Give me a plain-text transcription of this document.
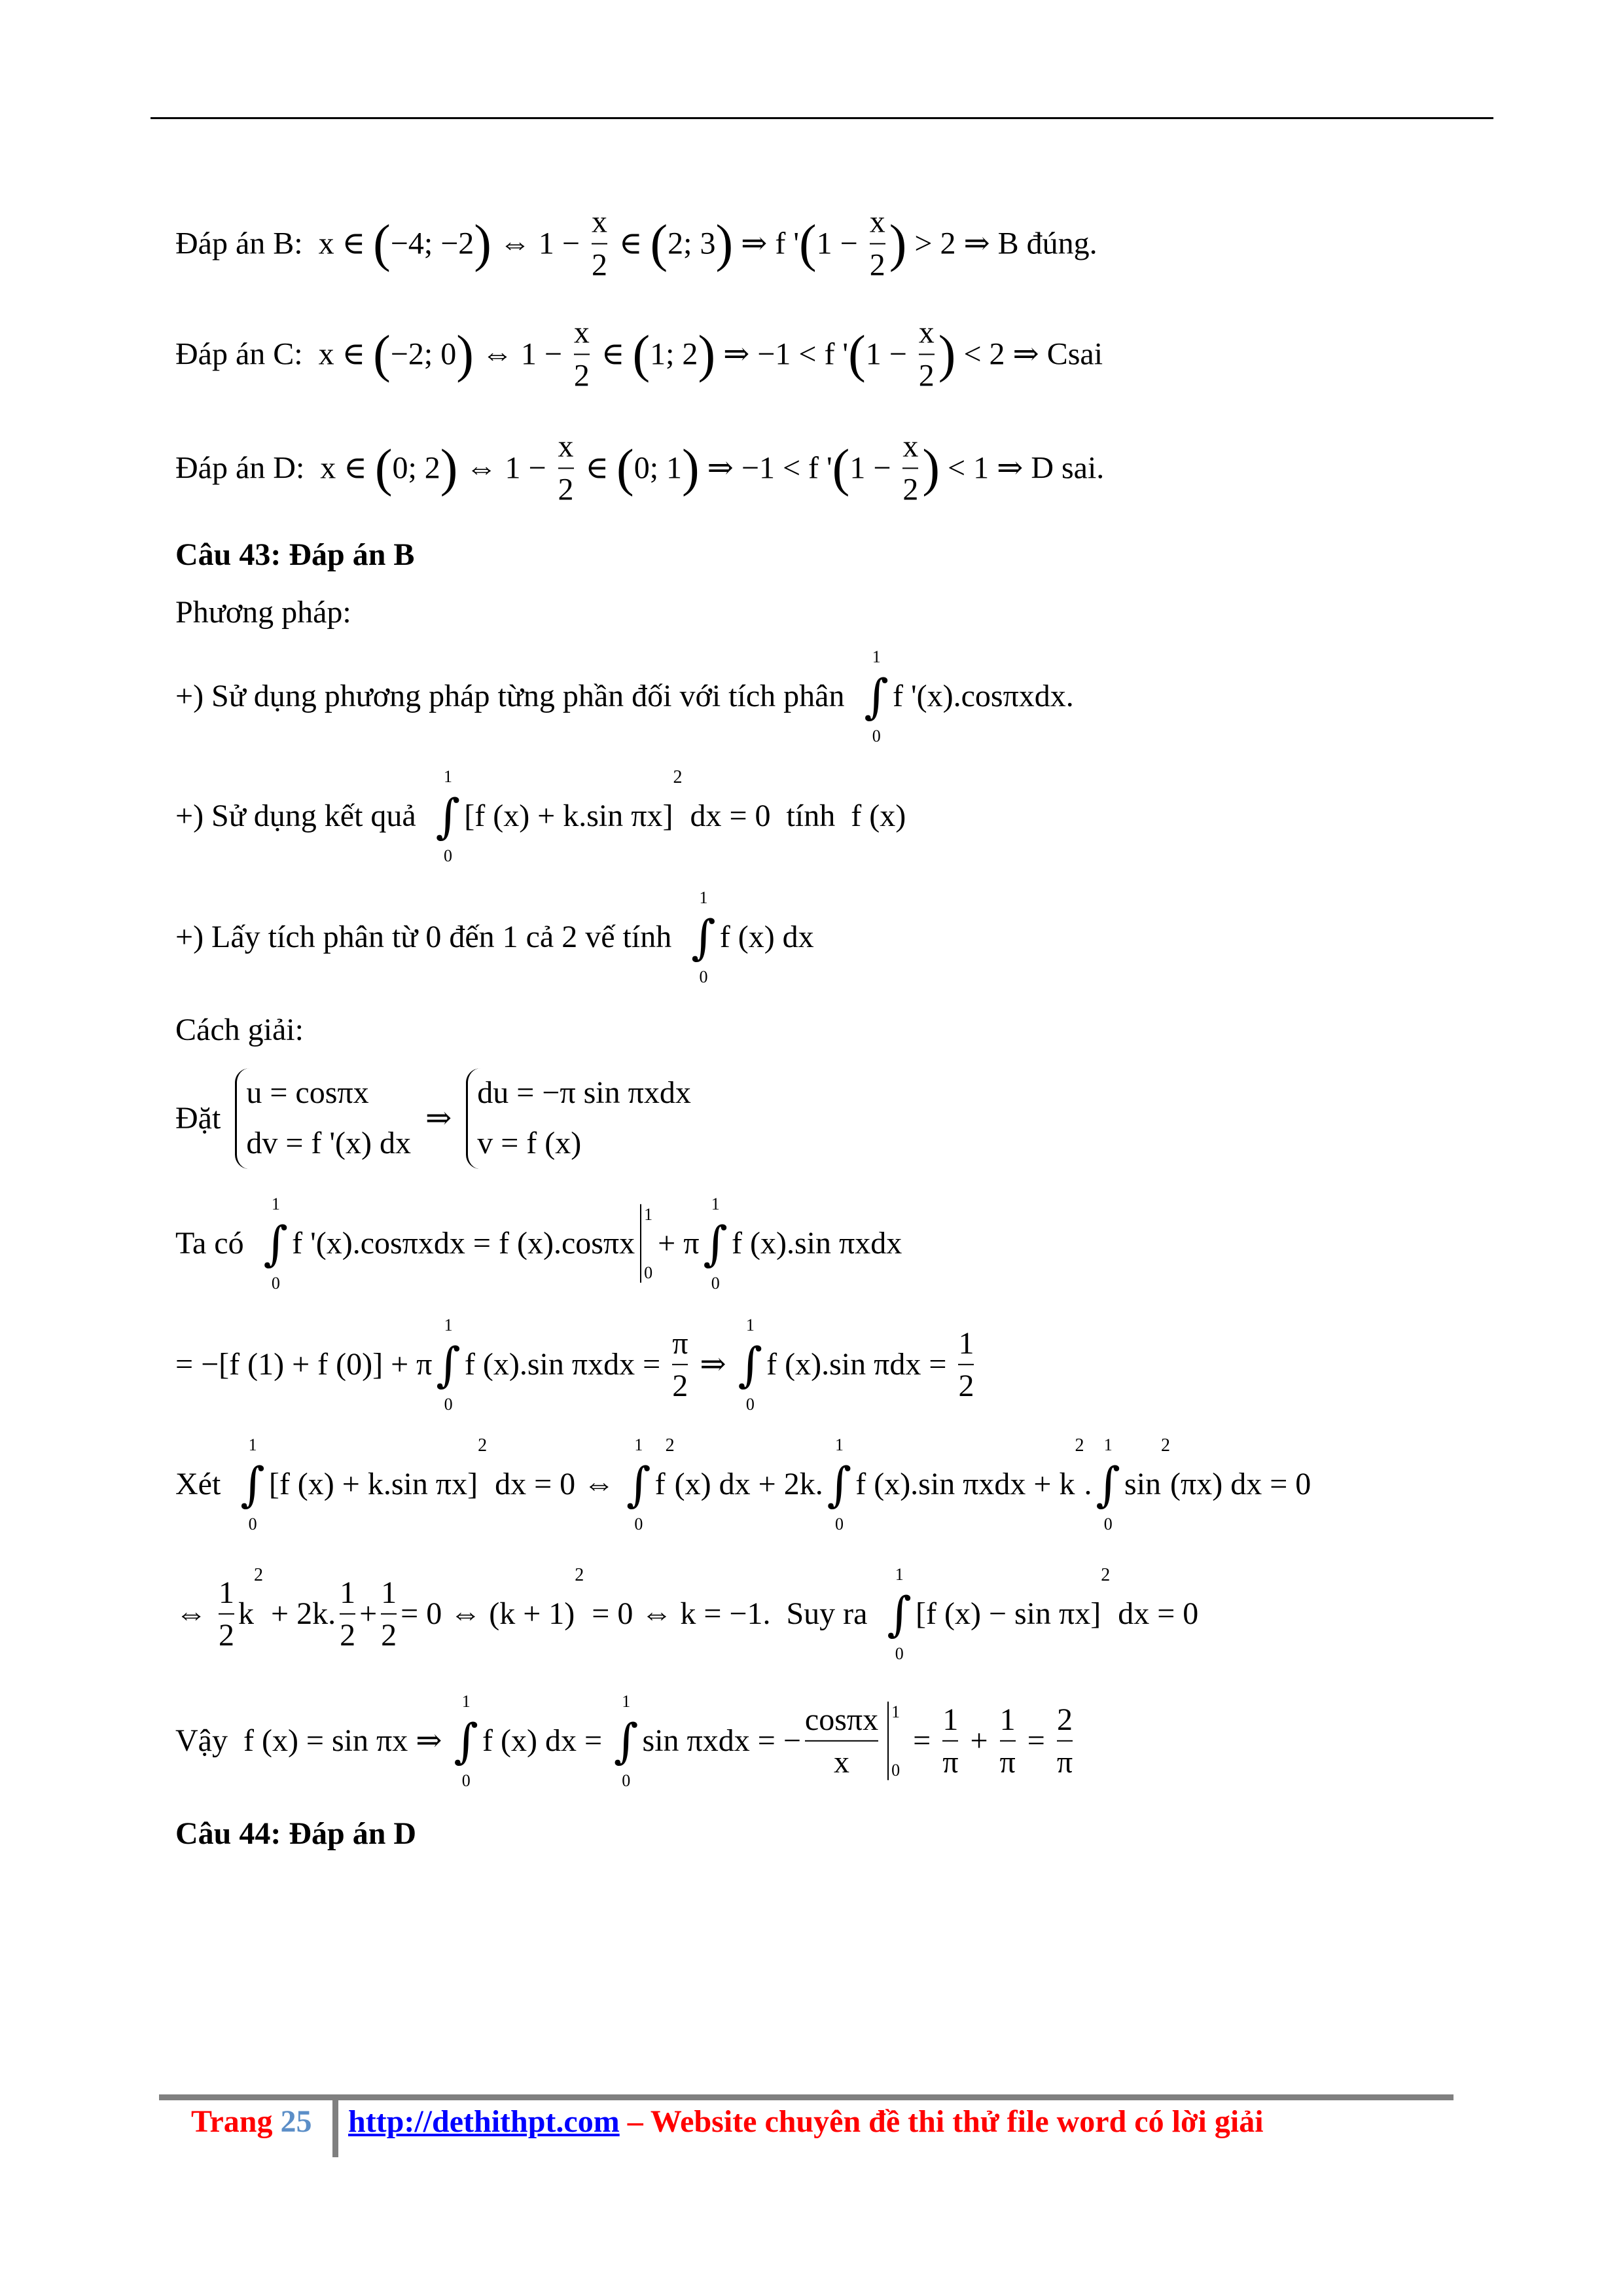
Đáp án B:  x ∈ ( −4; −2 ) ⇔ $1 - \frac{x}{2}$ ∈ ( 2; 3 ) ⇒ f ' ( $1 - \frac{x}{2}$ ) > 2 ⇒ B đúng.
Đáp án C:  x ∈ ( −2; 0 ) ⇔ $1 - \frac{x}{2}$ ∈ ( 1; 2 ) ⇒ −1 < f ' ( $1 - \frac{x}{2}$ ) < 2 ⇒ Csai
Đáp án D:  x ∈ ( 0; 2 ) ⇔ $1 - \frac{x}{2}$ ∈ ( 0; 1 ) ⇒ −1 < f ' ( $1 - \frac{x}{2}$ ) < 1 ⇒ D sai.
Câu 43: Đáp án B
Phương pháp:
+) Sử dụng phương pháp từng phần đối với tích phân
1
∫
0
f '(x).cosπxdx.
+) Sử dụng kết quả
1
∫
0
[f (x) + k.sin πx]
2
dx = 0  tính  f (x)
+) Lấy tích phân từ 0 đến 1 cả 2 vế tính
1
∫
0
f (x) dx
Cách giải:
Đặt
u = cosπx
dv = f '(x) dx
⇒
du = −π sin πxdx
v = f (x)
Ta có
1
∫
0
f '(x).cosπxdx = f (x).cosπx
1
0
+ π
1
∫
0
f (x).sin πxdx
= −[f (1) + f (0)] + π
1
∫
0
f (x).sin $\pi xdx = \frac{\pi}{2}$ ⇒
1
∫
0
f (x).sin $\pi dx = \frac{1}{2}$
Xét
1
∫
0
[f (x) + k.sin πx]
2
dx = 0 ⇔
1
∫
0
f
2
(x) dx + 2k.
1
∫
0
f (x).sin πxdx + k
2
.
1
∫
0
sin
2
(πx) dx = 0
⇔ $\frac{1}{2}$ k
2
+ 2k. $\frac{1}{2} + \frac{1}{2} = 0$ ⇔ (k + 1)
2
= 0 ⇔ k = −1.  Suy ra
1
∫
0
[f (x) − sin πx]
2
dx = 0
Vậy  f (x) = sin πx ⇒
1
∫
0
f (x) dx =
1
∫
0
sin πxdx = − $\frac{\cos\pi x}{x} 1$
0
= $\frac{1}{\pi} + \frac{1}{\pi} = \frac{2}{\pi}$
Câu 44: Đáp án D
Trang 25 http://dethithpt.com – Website chuyên đề thi thử file word có lời giải
